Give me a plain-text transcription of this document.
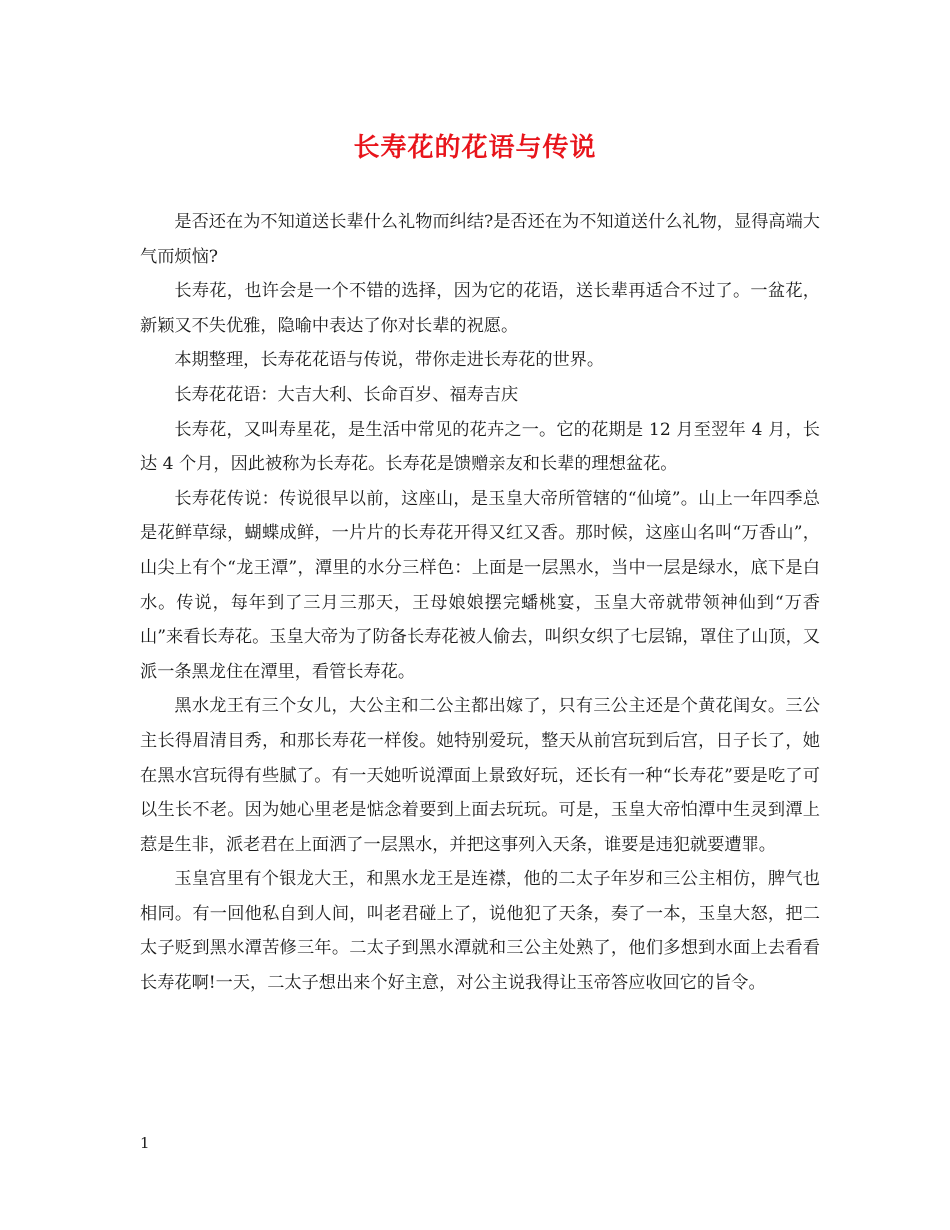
长寿花的花语与传说

是否还在为不知道送长辈什么礼物而纠结?是否还在为不知道送什么礼物，显得高端大气而烦恼?

长寿花，也许会是一个不错的选择，因为它的花语，送长辈再适合不过了。一盆花，新颖又不失优雅，隐喻中表达了你对长辈的祝愿。

本期整理，长寿花花语与传说，带你走进长寿花的世界。

长寿花花语：大吉大利、长命百岁、福寿吉庆

长寿花，又叫寿星花，是生活中常见的花卉之一。它的花期是 12 月至翌年 4 月，长达 4 个月，因此被称为长寿花。长寿花是馈赠亲友和长辈的理想盆花。

长寿花传说：传说很早以前，这座山，是玉皇大帝所管辖的“仙境”。山上一年四季总是花鲜草绿，蝴蝶成鲜，一片片的长寿花开得又红又香。那时候，这座山名叫“万香山”，山尖上有个“龙王潭”，潭里的水分三样色：上面是一层黑水，当中一层是绿水，底下是白水。传说，每年到了三月三那天，王母娘娘摆完蟠桃宴，玉皇大帝就带领神仙到“万香山”来看长寿花。玉皇大帝为了防备长寿花被人偷去，叫织女织了七层锦，罩住了山顶，又派一条黑龙住在潭里，看管长寿花。

黑水龙王有三个女儿，大公主和二公主都出嫁了，只有三公主还是个黄花闺女。三公主长得眉清目秀，和那长寿花一样俊。她特别爱玩，整天从前宫玩到后宫，日子长了，她在黑水宫玩得有些腻了。有一天她听说潭面上景致好玩，还长有一种“长寿花”要是吃了可以生长不老。因为她心里老是惦念着要到上面去玩玩。可是，玉皇大帝怕潭中生灵到潭上惹是生非，派老君在上面洒了一层黑水，并把这事列入天条，谁要是违犯就要遭罪。

玉皇宫里有个银龙大王，和黑水龙王是连襟，他的二太子年岁和三公主相仿，脾气也相同。有一回他私自到人间，叫老君碰上了，说他犯了天条，奏了一本，玉皇大怒，把二太子贬到黑水潭苦修三年。二太子到黑水潭就和三公主处熟了，他们多想到水面上去看看长寿花啊!一天，二太子想出来个好主意，对公主说我得让玉帝答应收回它的旨令。

1
